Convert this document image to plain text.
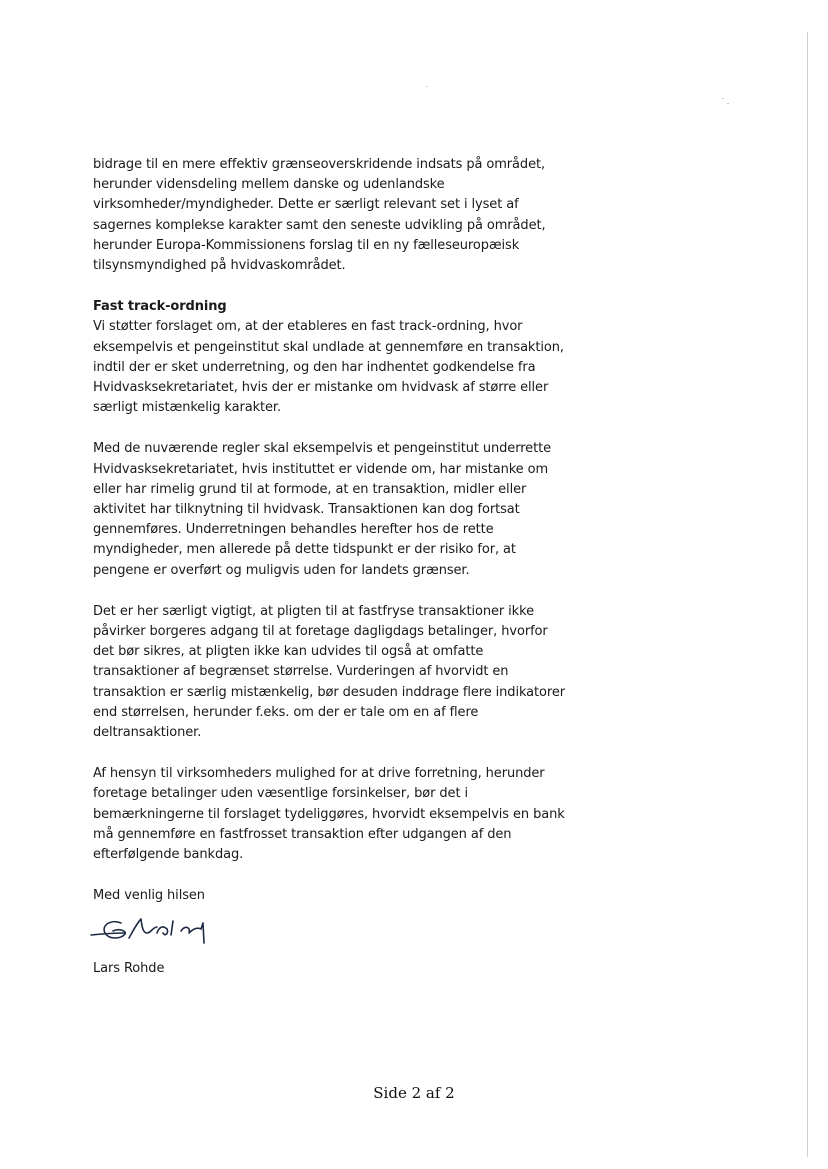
bidrage til en mere effektiv grænseoverskridende indsats på området,
herunder vidensdeling mellem danske og udenlandske
virksomheder/myndigheder. Dette er særligt relevant set i lyset af
sagernes komplekse karakter samt den seneste udvikling på området,
herunder Europa-Kommissionens forslag til en ny fælleseuropæisk
tilsynsmyndighed på hvidvaskområdet.

Fast track-ordning
Vi støtter forslaget om, at der etableres en fast track-ordning, hvor
eksempelvis et pengeinstitut skal undlade at gennemføre en transaktion,
indtil der er sket underretning, og den har indhentet godkendelse fra
Hvidvasksekretariatet, hvis der er mistanke om hvidvask af større eller
særligt mistænkelig karakter.

Med de nuværende regler skal eksempelvis et pengeinstitut underrette
Hvidvasksekretariatet, hvis instituttet er vidende om, har mistanke om
eller har rimelig grund til at formode, at en transaktion, midler eller
aktivitet har tilknytning til hvidvask. Transaktionen kan dog fortsat
gennemføres. Underretningen behandles herefter hos de rette
myndigheder, men allerede på dette tidspunkt er der risiko for, at
pengene er overført og muligvis uden for landets grænser.

Det er her særligt vigtigt, at pligten til at fastfryse transaktioner ikke
påvirker borgeres adgang til at foretage dagligdags betalinger, hvorfor
det bør sikres, at pligten ikke kan udvides til også at omfatte
transaktioner af begrænset størrelse. Vurderingen af hvorvidt en
transaktion er særlig mistænkelig, bør desuden inddrage flere indikatorer
end størrelsen, herunder f.eks. om der er tale om en af flere
deltransaktioner.

Af hensyn til virksomheders mulighed for at drive forretning, herunder
foretage betalinger uden væsentlige forsinkelser, bør det i
bemærkningerne til forslaget tydeliggøres, hvorvidt eksempelvis en bank
må gennemføre en fastfrosset transaktion efter udgangen af den
efterfølgende bankdag.

Med venlig hilsen

Lars Rohde

Side 2 af 2
